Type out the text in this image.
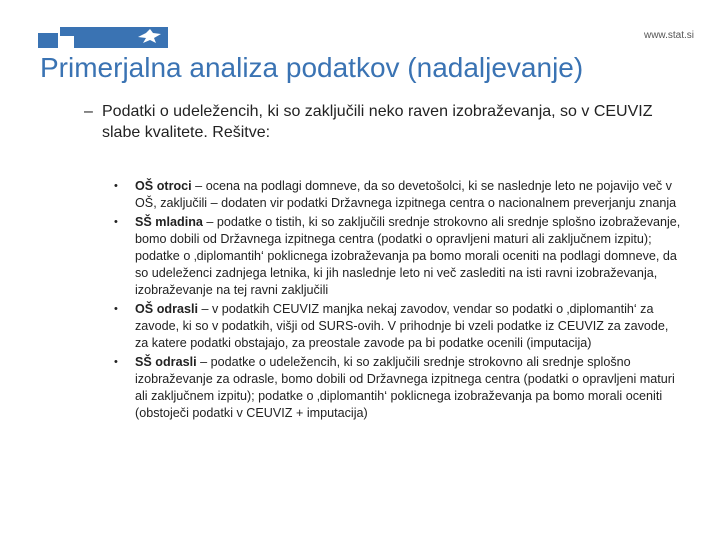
www.stat.si
Primerjalna analiza podatkov (nadaljevanje)
– Podatki o udeležencih, ki so zaključili neko raven izobraževanja, so v CEUVIZ slabe kvalitete. Rešitve:
• OŠ otroci – ocena na podlagi domneve, da so devetošolci, ki se naslednje leto ne pojavijo več v OŠ, zaključili – dodaten vir podatki Državnega izpitnega centra o nacionalnem preverjanju znanja
• SŠ mladina – podatke o tistih, ki so zaključili srednje strokovno ali srednje splošno izobraževanje, bomo dobili od Državnega izpitnega centra (podatki o opravljeni maturi ali zaključnem izpitu); podatke o ‚diplomantih‘ poklicnega izobraževanja pa bomo morali oceniti na podlagi domneve, da so udeleženci zadnjega letnika, ki jih naslednje leto ni več zaslediti na isti ravni izobraževanja, izobraževanje na tej ravni zaključili
• OŠ odrasli – v podatkih CEUVIZ manjka nekaj zavodov, vendar so podatki o ‚diplomantih‘ za zavode, ki so v podatkih, višji od SURS-ovih. V prihodnje bi vzeli podatke iz CEUVIZ za zavode, za katere podatki obstajajo, za preostale zavode pa bi podatke ocenili (imputacija)
• SŠ odrasli – podatke o udeležencih, ki so zaključili srednje strokovno ali srednje splošno izobraževanje za odrasle, bomo dobili od Državnega izpitnega centra (podatki o opravljeni maturi ali zaključnem izpitu); podatke o ‚diplomantih‘ poklicnega izobraževanja pa bomo morali oceniti (obstoječi podatki v CEUVIZ + imputacija)
